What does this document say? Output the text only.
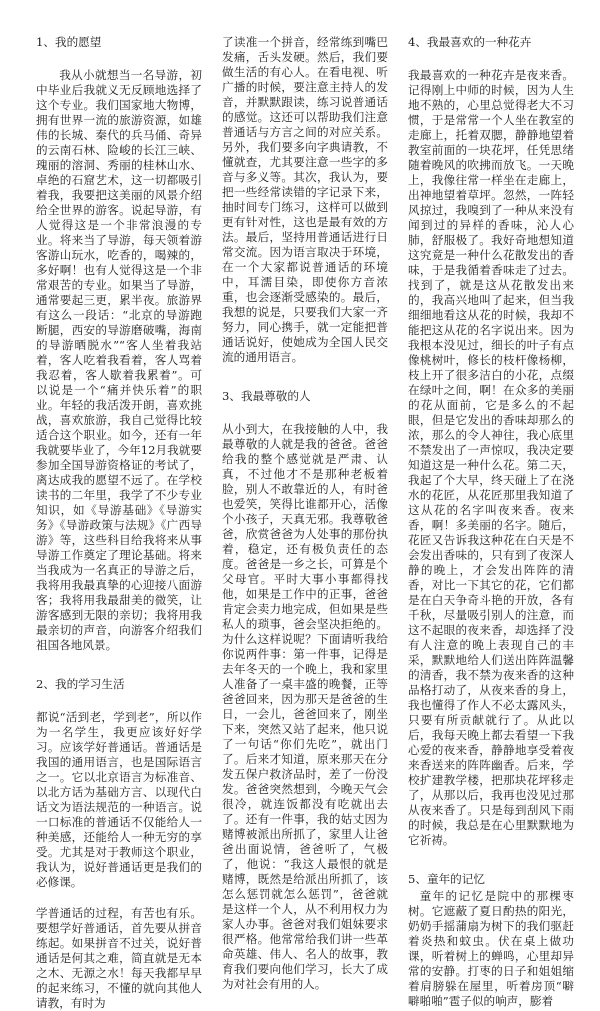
1、我的愿望

我从小就想当一名导游，初中毕业后我就义无反顾地选择了这个专业。我们国家地大物博，拥有世界一流的旅游资源，如雄伟的长城、秦代的兵马俑、奇异的云南石林、险峻的长江三峡、瑰丽的溶洞、秀丽的桂林山水、卓绝的石窟艺术，这一切都吸引着我，我要把这美丽的风景介绍给全世界的游客。说起导游，有人觉得这是一个非常浪漫的专业。将来当了导游，每天领着游客游山玩水，吃香的，喝辣的，多好啊！也有人觉得这是一个非常艰苦的专业。如果当了导游，通常要起三更，累半夜。旅游界有这么一段话：“北京的导游跑断腿，西安的导游磨破嘴，海南的导游晒脱水”“客人坐着我站着，客人吃着我看着，客人骂着我忍着，客人歇着我累着”。可以说是一个“痛并快乐着”的职业。年轻的我活泼开朗，喜欢挑战，喜欢旅游，我自己觉得比较适合这个职业。如今，还有一年我就要毕业了，今年12月我就要参加全国导游资格证的考试了，离达成我的愿望不远了。在学校读书的二年里，我学了不少专业知识，如《导游基础》《导游实务》《导游政策与法规》《广西导游》等，这些科目给我将来从事导游工作奠定了理论基础。将来当我成为一名真正的导游之后，我将用我最真挚的心迎接八面游客；我将用我最甜美的微笑，让游客感到无限的亲切；我将用我最亲切的声音，向游客介绍我们祖国各地风景。

2、我的学习生活

都说“活到老，学到老”，所以作为一名学生，我更应该好好学习。应该学好普通话。普通话是我国的通用语言，也是国际语言之一。它以北京语言为标准音、以北方话为基础方言、以现代白话文为语法规范的一种语言。说一口标准的普通话不仅能给人一种美感，还能给人一种无穷的享受。尤其是对于教师这个职业，我认为，说好普通话更是我们的必修课。

学普通话的过程，有苦也有乐。要想学好普通话，首先要从拼音练起。如果拼音不过关，说好普通话是何其之难，简直就是无本之木、无源之水！每天我都早早的起来练习，不懂的就向其他人请教，有时为

了读准一个拼音，经常练到嘴巴发痛，舌头发硬。然后，我们要做生活的有心人。在看电视、听广播的时候，要注意主持人的发音，并默默跟读，练习说普通话的感觉。这还可以帮助我们注意普通话与方言之间的对应关系。另外，我们要多向字典请教，不懂就查，尤其要注意一些字的多音与多义等。其次，我认为，要把一些经常读错的字记录下来，抽时间专门练习，这样可以做到更有针对性，这也是最有效的方法。最后，坚持用普通话进行日常交流。因为语言取决于环境，在一个大家都说普通话的环境中，耳濡目染，即使你方音浓重，也会逐渐受感染的。最后，我想的说是，只要我们大家一齐努力，同心携手，就一定能把普通话说好，使她成为全国人民交流的通用语言。

3、我最尊敬的人

从小到大，在我接触的人中，我最尊敬的人就是我的爸爸。爸爸给我的整个感觉就是严肃、认真，不过他才不是那种老板着脸，别人不敢靠近的人，有时爸也爱笑，笑得比谁都开心，活像个小孩子，天真无邪。我尊敬爸爸，欣赏爸爸为人处事的那份执着，稳定，还有极负责任的态度。爸爸是一乡之长，可算是个父母官。平时大事小事都得找他，如果是工作中的正事，爸爸肯定会卖力地完成，但如果是些私人的琐事，爸会坚决拒绝的。为什么这样说呢？下面请听我给你说两件事：第一件事，记得是去年冬天的一个晚上，我和家里人准备了一桌丰盛的晚餐，正等爸爸回来，因为那天是爸爸的生日，一会儿，爸爸回来了，刚坐下来，突然又站了起来，他只说了一句话“你们先吃”，就出门了。后来才知道，原来那天在分发五保户救济品时，差了一份没发。爸爸突然想到，今晚天气会很冷，就连饭都没有吃就出去了。还有一件事，我的姑丈因为赌博被派出所抓了，家里人让爸爸出面说情，爸爸听了，气极了，他说：“我这人最恨的就是赌博，既然是给派出所抓了，该怎么惩罚就怎么惩罚”，爸爸就是这样一个人，从不利用权力为家人办事。爸爸对我们姐妹要求很严格。他常常给我们讲一些革命英雄、伟人、名人的故事，教育我们要向他们学习，长大了成为对社会有用的人。

4、我最喜欢的一种花卉

我最喜欢的一种花卉是夜来香。记得刚上中师的时候，因为人生地不熟的，心里总觉得老大不习惯，于是常常一个人坐在教室的走廊上，托着双腮，静静地望着教室前面的一块花坪，任凭思绪随着晚风的吹拂而放飞。一天晚上，我像往常一样坐在走廊上，出神地望着草坪。忽然，一阵轻风掠过，我嗅到了一种从来没有闻到过的异样的香味，沁人心肺，舒服极了。我好奇地想知道这究竟是一种什么花散发出的香味，于是我循着香味走了过去。找到了，就是这从花散发出来的，我高兴地叫了起来，但当我细细地看这从花的时候，我却不能把这从花的名字说出来。因为我根本没见过，细长的叶子有点像桃树叶，修长的枝杆像杨柳，枝上开了很多洁白的小花，点缀在绿叶之间，啊！在众多的美丽的花从面前，它是多么的不起眼，但是它发出的香味却那么的浓，那么的令人神往，我心底里不禁发出了一声惊叹，我决定要知道这是一种什么花。第二天，我起了个大早，终天碰上了在浇水的花匠，从花匠那里我知道了这从花的名字叫夜来香。夜来香，啊！多美丽的名字。随后，花匠又告诉我这种花在白天是不会发出香味的，只有到了夜深人静的晚上，才会发出阵阵的清香，对比一下其它的花，它们都是在白天争奇斗艳的开放，各有千秋，尽量吸引别人的注意，而这不起眼的夜来香，却选择了没有人注意的晚上表现自己的丰采，默默地给人们送出阵阵温馨的清香，我不禁为夜来香的这种品格打动了，从夜来香的身上，我也懂得了作人不必太露风头，只要有所贡献就行了。从此以后，我每天晚上都去看望一下我心爱的夜来香，静静地享受着夜来香送来的阵阵幽香。后来，学校扩建教学楼，把那块花坪移走了，从那以后，我再也没见过那从夜来香了。只是每到刮风下雨的时候，我总是在心里默默地为它祈祷。

5、童年的记忆

童年的记忆是院中的那棵枣树。它遮蔽了夏日酌热的阳光，奶奶手摇蒲扇为树下的我们驱赶着炎热和蚊虫。伏在桌上做功课，听着树上的蝉鸣，心里却异常的安静。打枣的日子和姐姐缩着肩膀躲在屋里，听着房顶“噼噼啪啪”雹子似的响声，膨着
